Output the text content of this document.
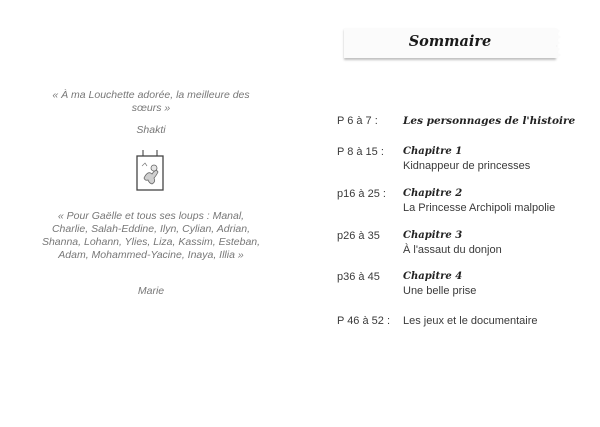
« À ma Louchette adorée, la meilleure des sœurs »
Shakti
« Pour Gaëlle et tous ses loups : Manal, Charlie, Salah-Eddine, Ilyn, Cylian, Adrian, Shanna, Lohann, Ylies, Liza, Kassim, Esteban, Adam, Mohammed-Yacine, Inaya, Illia »
Marie
Sommaire
P 6 à 7 : Les personnages de l'histoire
P 8 à 15 : Chapitre 1
Kidnappeur de princesses
p16 à 25 : Chapitre 2
La Princesse Archipoli malpolie
p26 à 35 Chapitre 3
À l'assaut du donjon
p36 à 45 Chapitre 4
Une belle prise
P 46 à 52 : Les jeux et le documentaire
